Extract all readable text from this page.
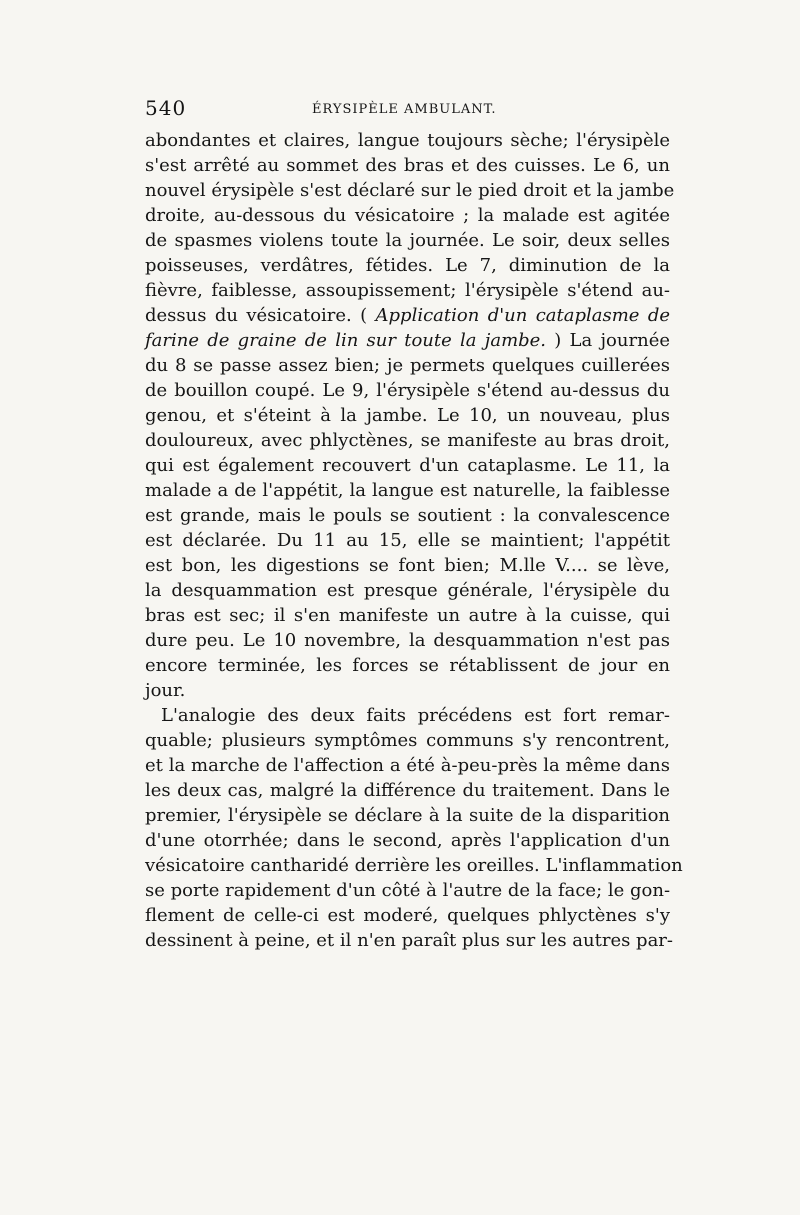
540	ÉRYSIPÈLE AMBULANT.
abondantes et claires, langue toujours sèche; l'érysipèle
s'est arrêté au sommet des bras et des cuisses. Le 6, un
nouvel érysipèle s'est déclaré sur le pied droit et la jambe
droite, au-dessous du vésicatoire ; la malade est agitée
de spasmes violens toute la journée. Le soir, deux selles
poisseuses, verdâtres, fétides. Le 7, diminution de la
fièvre, faiblesse, assoupissement; l'érysipèle s'étend au-
dessus du vésicatoire. ( Application d'un cataplasme de
farine de graine de lin sur toute la jambe. ) La journée
du 8 se passe assez bien; je permets quelques cuillerées
de bouillon coupé. Le 9, l'érysipèle s'étend au-dessus du
genou, et s'éteint à la jambe. Le 10, un nouveau, plus
douloureux, avec phlyctènes, se manifeste au bras droit,
qui est également recouvert d'un cataplasme. Le 11, la
malade a de l'appétit, la langue est naturelle, la faiblesse
est grande, mais le pouls se soutient : la convalescence
est déclarée. Du 11 au 15, elle se maintient; l'appétit
est bon, les digestions se font bien; M.lle V.... se lève,
la desquammation est presque générale, l'érysipèle du
bras est sec; il s'en manifeste un autre à la cuisse, qui
dure peu. Le 10 novembre, la desquammation n'est pas
encore terminée, les forces se rétablissent de jour en
jour.
L'analogie des deux faits précédens est fort remar-
quable; plusieurs symptômes communs s'y rencontrent,
et la marche de l'affection a été à-peu-près la même dans
les deux cas, malgré la différence du traitement. Dans le
premier, l'érysipèle se déclare à la suite de la disparition
d'une otorrhée; dans le second, après l'application d'un
vésicatoire cantharidé derrière les oreilles. L'inflammation
se porte rapidement d'un côté à l'autre de la face; le gon-
flement de celle-ci est moderé, quelques phlyctènes s'y
dessinent à peine, et il n'en paraît plus sur les autres par-
